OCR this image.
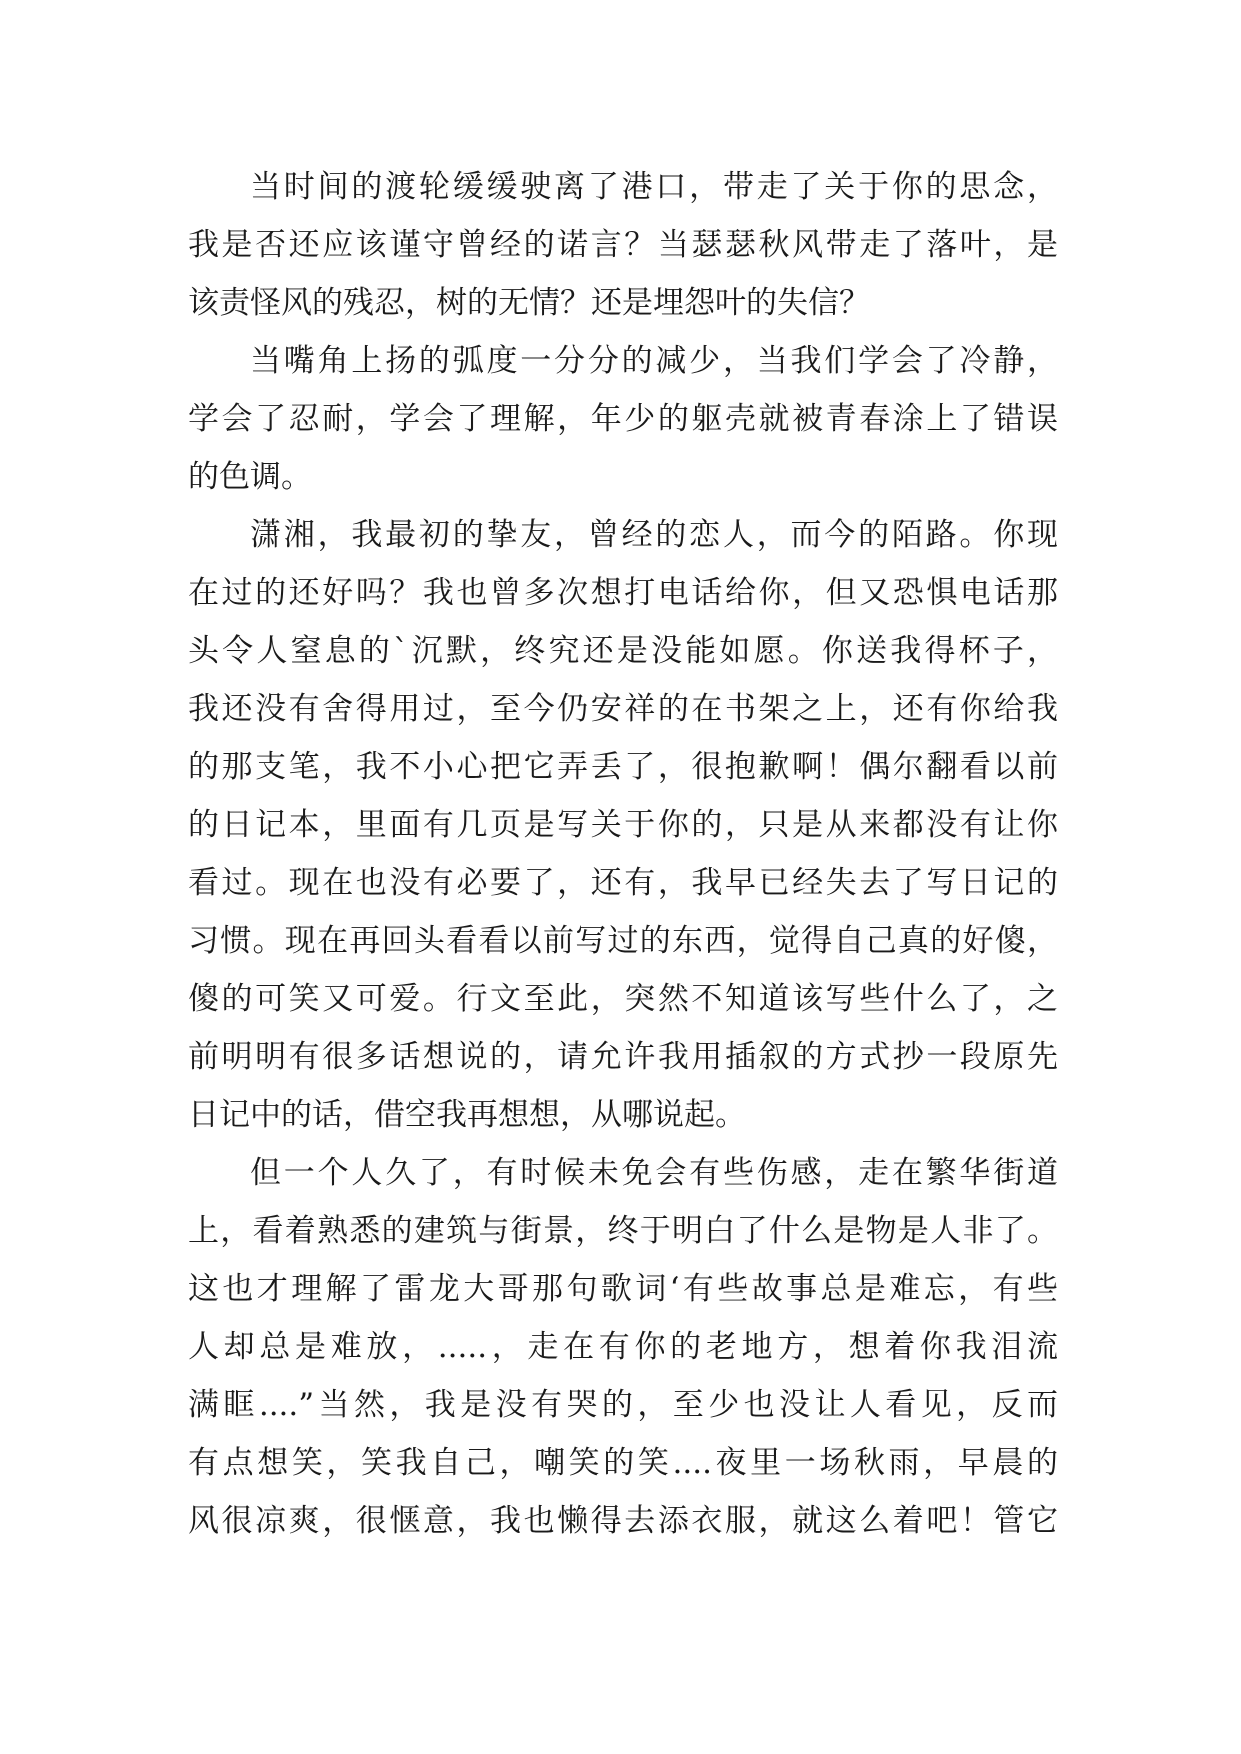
当时间的渡轮缓缓驶离了港口，带走了关于你的思念，
我是否还应该谨守曾经的诺言？当瑟瑟秋风带走了落叶，是
该责怪风的残忍，树的无情？还是埋怨叶的失信？
当嘴角上扬的弧度一分分的减少，当我们学会了冷静，
学会了忍耐，学会了理解，年少的躯壳就被青春涂上了错误
的色调。
潇湘，我最初的挚友，曾经的恋人，而今的陌路。你现
在过的还好吗？我也曾多次想打电话给你，但又恐惧电话那
头令人窒息的`沉默，终究还是没能如愿。你送我得杯子，
我还没有舍得用过，至今仍安祥的在书架之上，还有你给我
的那支笔，我不小心把它弄丢了，很抱歉啊！偶尔翻看以前
的日记本，里面有几页是写关于你的，只是从来都没有让你
看过。现在也没有必要了，还有，我早已经失去了写日记的
习惯。现在再回头看看以前写过的东西，觉得自己真的好傻，
傻的可笑又可爱。行文至此，突然不知道该写些什么了，之
前明明有很多话想说的，请允许我用插叙的方式抄一段原先
日记中的话，借空我再想想，从哪说起。
但一个人久了，有时候未免会有些伤感，走在繁华街道
上，看着熟悉的建筑与街景，终于明白了什么是物是人非了。
这也才理解了雷龙大哥那句歌词‘有些故事总是难忘，有些
人却总是难放，.....，走在有你的老地方，想着你我泪流
满眶....”当然，我是没有哭的，至少也没让人看见，反而
有点想笑，笑我自己，嘲笑的笑....夜里一场秋雨，早晨的
风很凉爽，很惬意，我也懒得去添衣服，就这么着吧！管它
